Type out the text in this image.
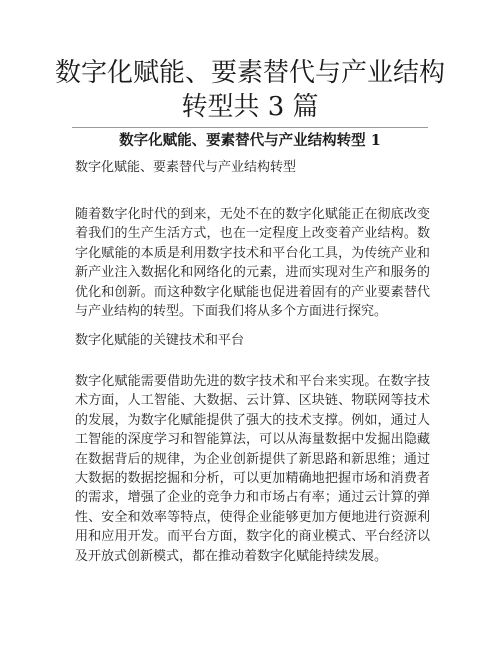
数字化赋能、要素替代与产业结构转型共 3 篇
数字化赋能、要素替代与产业结构转型 1

数字化赋能、要素替代与产业结构转型

随着数字化时代的到来，无处不在的数字化赋能正在彻底改变着我们的生产生活方式，也在一定程度上改变着产业结构。数字化赋能的本质是利用数字技术和平台化工具，为传统产业和新产业注入数据化和网络化的元素，进而实现对生产和服务的优化和创新。而这种数字化赋能也促进着固有的产业要素替代与产业结构的转型。下面我们将从多个方面进行探究。

数字化赋能的关键技术和平台

数字化赋能需要借助先进的数字技术和平台来实现。在数字技术方面，人工智能、大数据、云计算、区块链、物联网等技术的发展，为数字化赋能提供了强大的技术支撑。例如，通过人工智能的深度学习和智能算法，可以从海量数据中发掘出隐藏在数据背后的规律，为企业创新提供了新思路和新思维；通过大数据的数据挖掘和分析，可以更加精确地把握市场和消费者的需求，增强了企业的竞争力和市场占有率；通过云计算的弹性、安全和效率等特点，使得企业能够更加方便地进行资源利用和应用开发。而平台方面，数字化的商业模式、平台经济以及开放式创新模式，都在推动着数字化赋能持续发展。
